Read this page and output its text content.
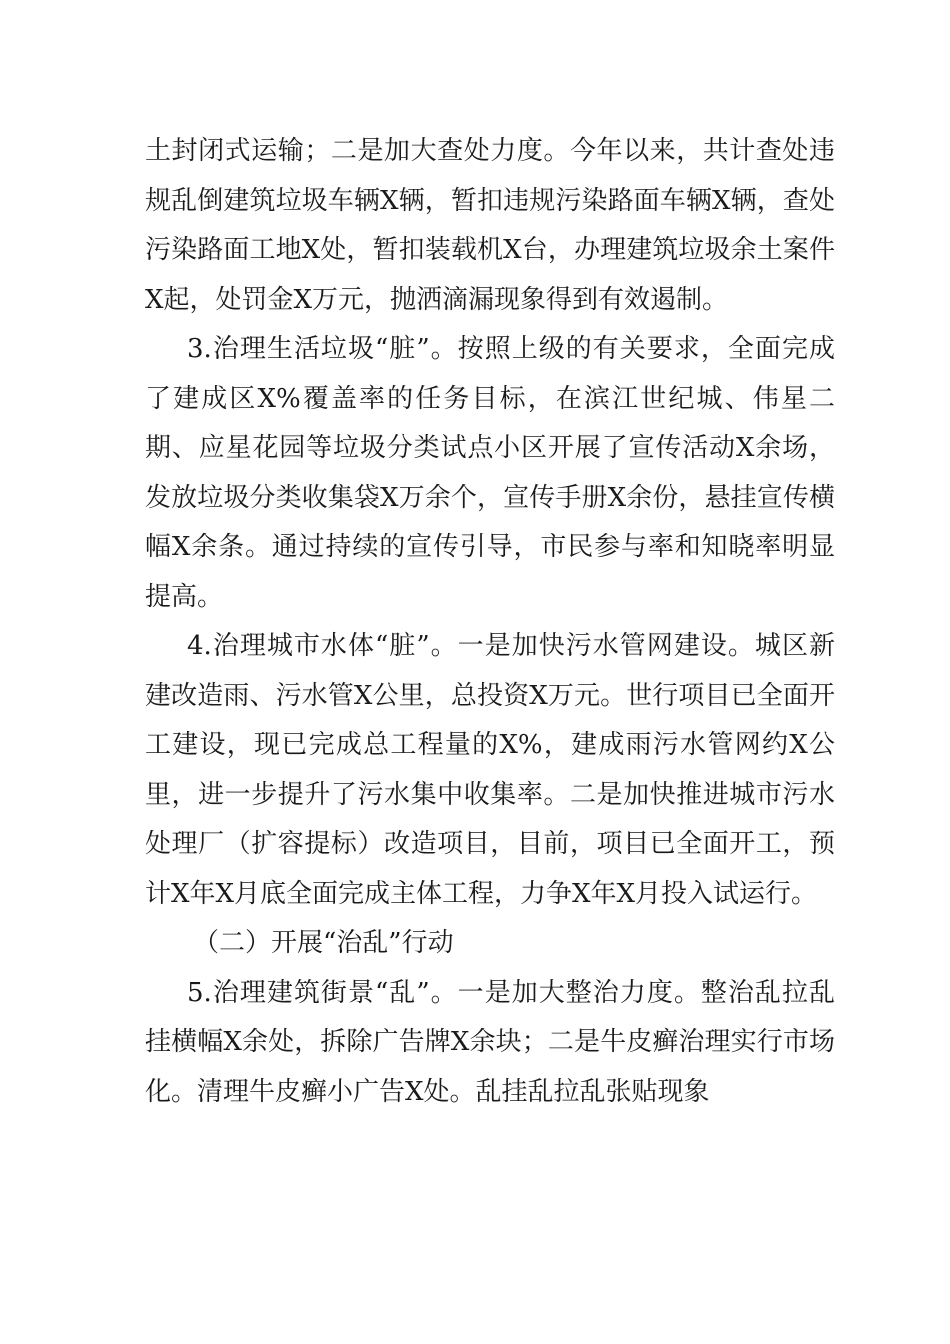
土封闭式运输；二是加大查处力度。今年以来，共计查处违规乱倒建筑垃圾车辆X辆，暂扣违规污染路面车辆X辆，查处污染路面工地X处，暂扣装载机X台，办理建筑垃圾余土案件X起，处罚金X万元，抛洒滴漏现象得到有效遏制。

3.治理生活垃圾“脏”。按照上级的有关要求，全面完成了建成区X%覆盖率的任务目标，在滨江世纪城、伟星二期、应星花园等垃圾分类试点小区开展了宣传活动X余场，发放垃圾分类收集袋X万余个，宣传手册X余份，悬挂宣传横幅X余条。通过持续的宣传引导，市民参与率和知晓率明显提高。

4.治理城市水体“脏”。一是加快污水管网建设。城区新建改造雨、污水管X公里，总投资X万元。世行项目已全面开工建设，现已完成总工程量的X%，建成雨污水管网约X公里，进一步提升了污水集中收集率。二是加快推进城市污水处理厂（扩容提标）改造项目，目前，项目已全面开工，预计X年X月底全面完成主体工程，力争X年X月投入试运行。

（二）开展“治乱”行动

5.治理建筑街景“乱”。一是加大整治力度。整治乱拉乱挂横幅X余处，拆除广告牌X余块；二是牛皮癣治理实行市场化。清理牛皮癣小广告X处。乱挂乱拉乱张贴现象
